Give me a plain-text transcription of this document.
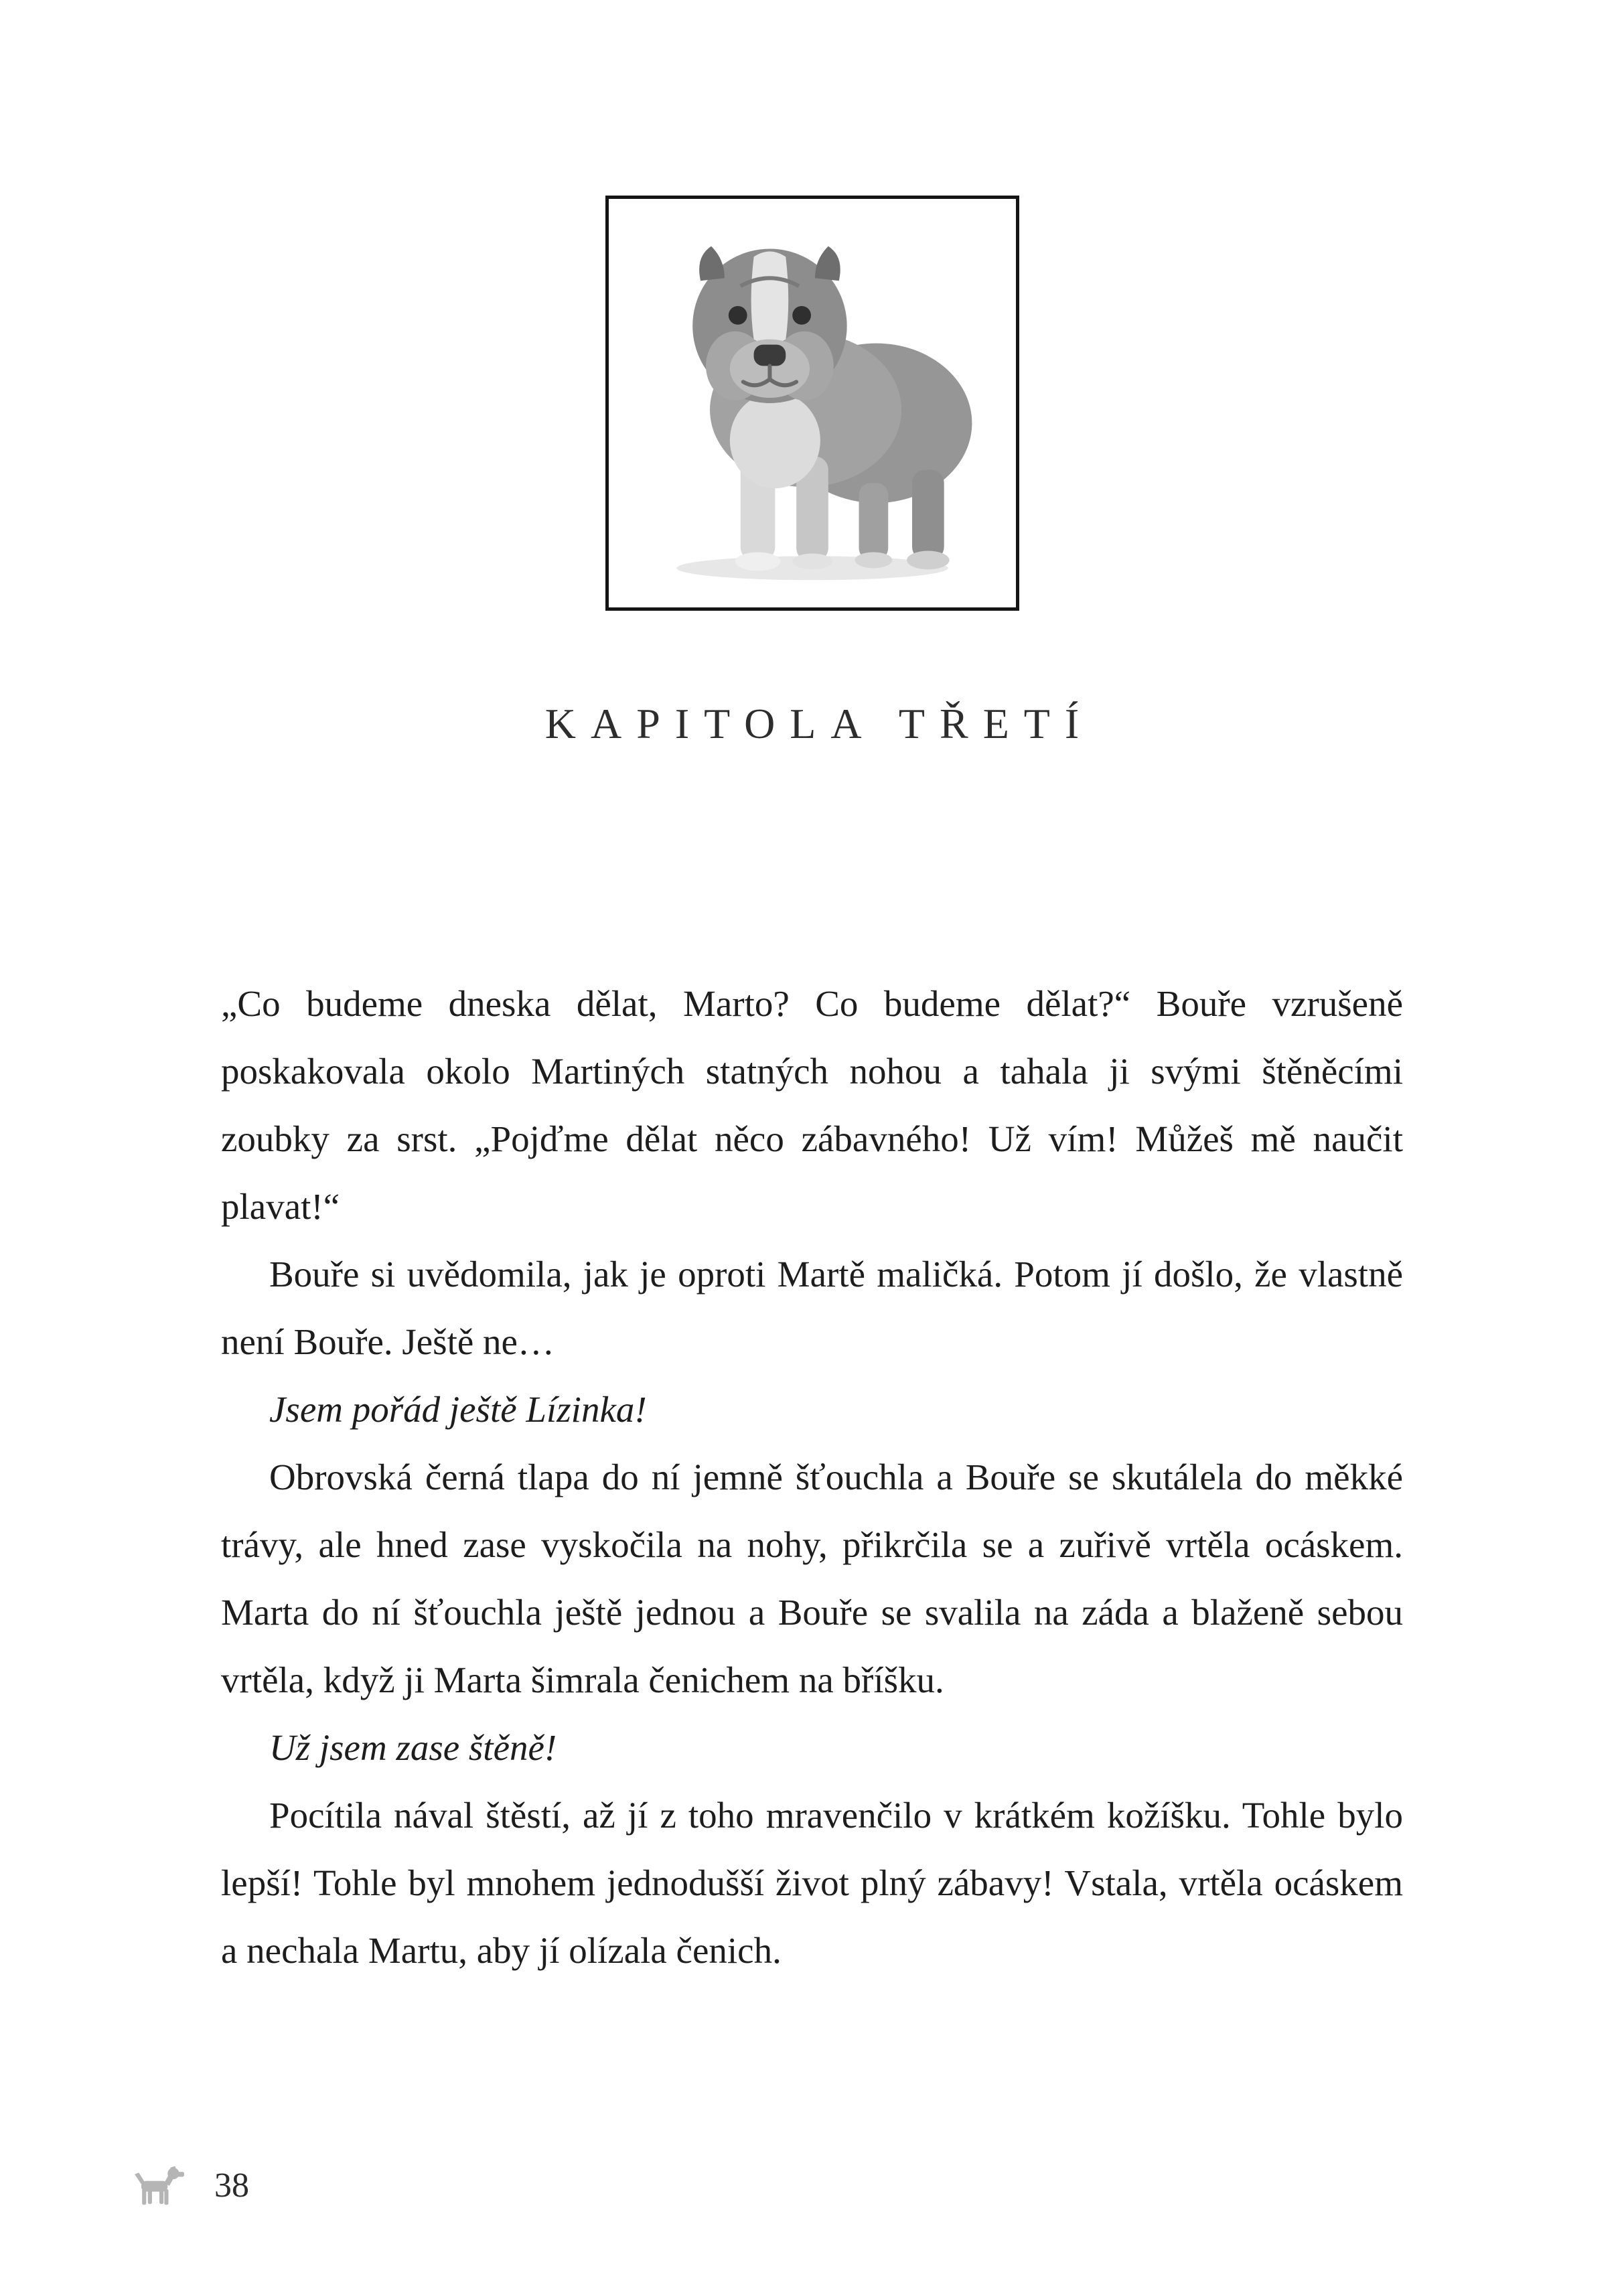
KAPITOLA TŘETÍ

„Co budeme dneska dělat, Marto? Co budeme dělat?“ Bouře vzrušeně poskakovala okolo Martiných statných nohou a tahala ji svými štěněcími zoubky za srst. „Pojďme dělat něco zábavného! Už vím! Můžeš mě naučit plavat!“

Bouře si uvědomila, jak je oproti Martě maličká. Potom jí došlo, že vlastně není Bouře. Ještě ne…

Jsem pořád ještě Lízinka!

Obrovská černá tlapa do ní jemně šťouchla a Bouře se skutálela do měkké trávy, ale hned zase vyskočila na nohy, přikrčila se a zuřivě vrtěla ocáskem. Marta do ní šťouchla ještě jednou a Bouře se svalila na záda a blaženě sebou vrtěla, když ji Marta šimrala čenichem na bříšku.

Už jsem zase štěně!

Pocítila nával štěstí, až jí z toho mravenčilo v krátkém kožíšku. Tohle bylo lepší! Tohle byl mnohem jednodušší život plný zábavy! Vstala, vrtěla ocáskem a nechala Martu, aby jí olízala čenich.

38
